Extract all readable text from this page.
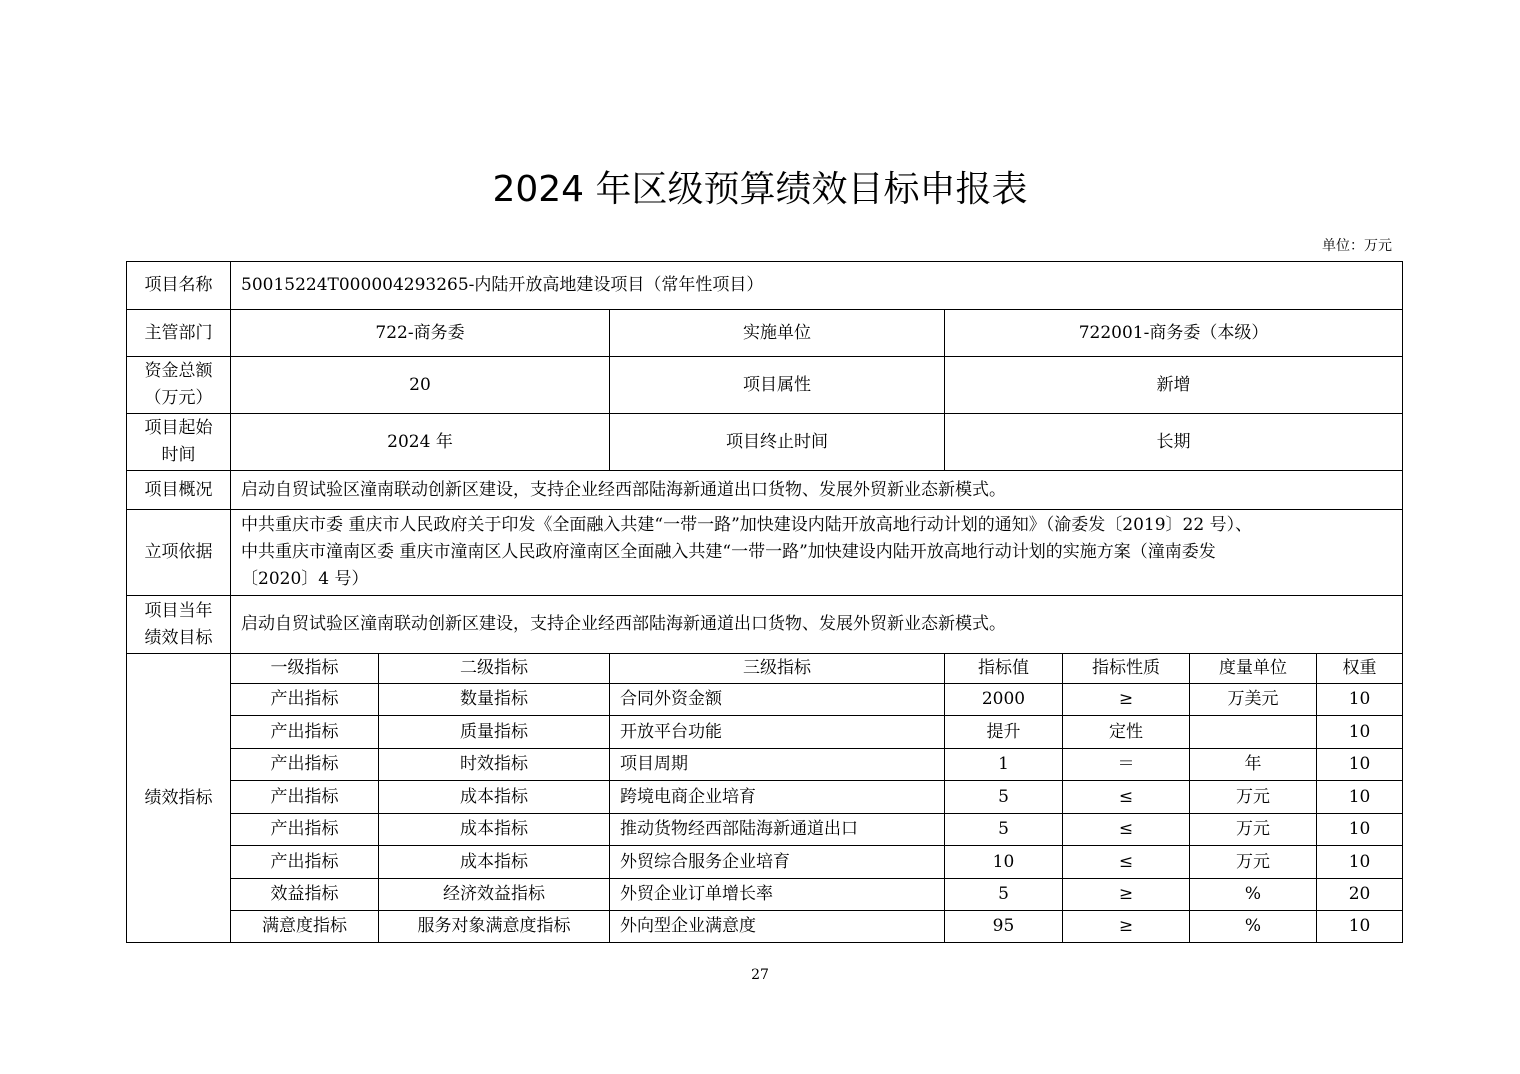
2024 年区级预算绩效目标申报表
单位：万元
项目名称	50015224T000004293265-内陆开放高地建设项目（常年性项目）						
主管部门	722-商务委		实施单位	722001-商务委（本级）			
资金总额
（万元）	20		项目属性	新增			
项目起始
时间	2024 年		项目终止时间	长期			
项目概况	启动自贸试验区潼南联动创新区建设，支持企业经西部陆海新通道出口货物、发展外贸新业态新模式。						
立项依据	中共重庆市委 重庆市人民政府关于印发《全面融入共建“一带一路”加快建设内陆开放高地行动计划的通知》（渝委发〔2019〕22 号）、
中共重庆市潼南区委 重庆市潼南区人民政府潼南区全面融入共建“一带一路”加快建设内陆开放高地行动计划的实施方案（潼南委发
〔2020〕4 号）						
项目当年
绩效目标	启动自贸试验区潼南联动创新区建设，支持企业经西部陆海新通道出口货物、发展外贸新业态新模式。						
绩效指标	一级指标	二级指标	三级指标	指标值	指标性质	度量单位	权重
	产出指标	数量指标	合同外资金额	2000	≥	万美元	10
	产出指标	质量指标	开放平台功能	提升	定性		10
	产出指标	时效指标	项目周期	1	＝	年	10
	产出指标	成本指标	跨境电商企业培育	5	≤	万元	10
	产出指标	成本指标	推动货物经西部陆海新通道出口	5	≤	万元	10
	产出指标	成本指标	外贸综合服务企业培育	10	≤	万元	10
	效益指标	经济效益指标	外贸企业订单增长率	5	≥	%	20
	满意度指标	服务对象满意度指标	外向型企业满意度	95	≥	%	10
27
